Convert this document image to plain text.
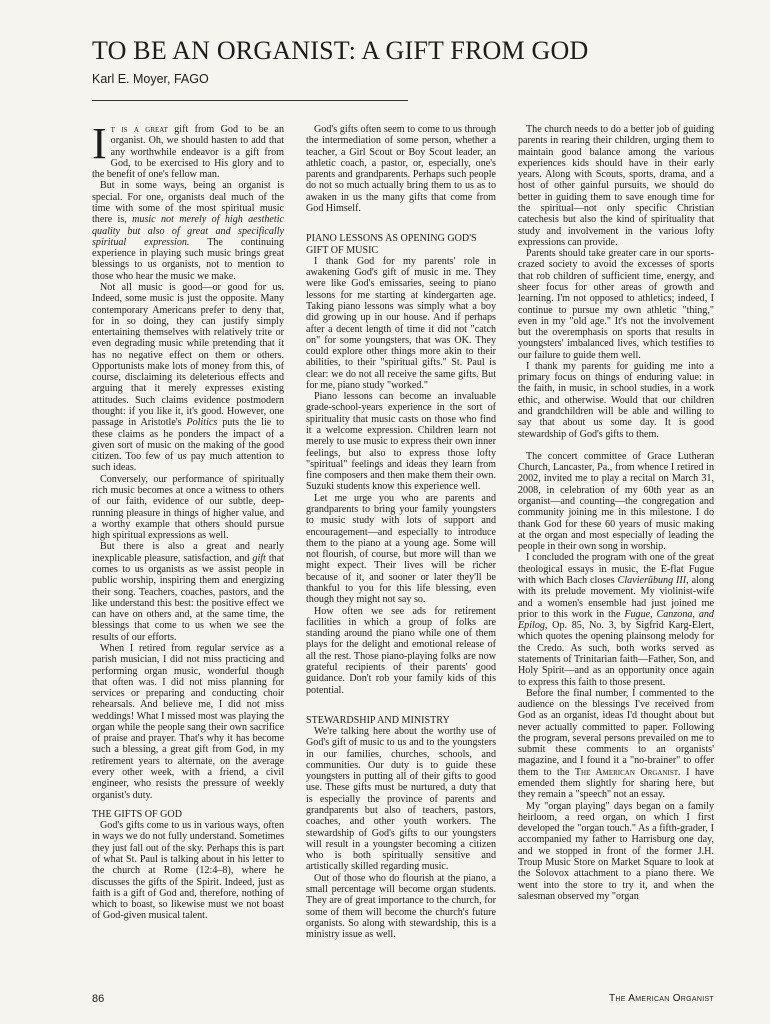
TO BE AN ORGANIST: A GIFT FROM GOD
Karl E. Moyer, FAGO

It is a great gift from God to be an organist. Oh, we should hasten to add that any worthwhile endeavor is a gift from God, to be exercised to His glory and to the benefit of one's fellow man.

But in some ways, being an organist is special. For one, organists deal much of the time with some of the most spiritual music there is, music not merely of high aesthetic quality but also of great and specifically spiritual expression. The continuing experience in playing such music brings great blessings to us organists, not to mention to those who hear the music we make.

Not all music is good—or good for us. Indeed, some music is just the opposite. Many contemporary Americans prefer to deny that, for in so doing, they can justify simply entertaining themselves with relatively trite or even degrading music while pretending that it has no negative effect on them or others. Opportunists make lots of money from this, of course, disclaiming its deleterious effects and arguing that it merely expresses existing attitudes. Such claims evidence postmodern thought: if you like it, it's good. However, one passage in Aristotle's Politics puts the lie to these claims as he ponders the impact of a given sort of music on the making of the good citizen. Too few of us pay much attention to such ideas.

Conversely, our performance of spiritually rich music becomes at once a witness to others of our faith, evidence of our subtle, deep-running pleasure in things of higher value, and a worthy example that others should pursue high spiritual expressions as well.

But there is also a great and nearly inexplicable pleasure, satisfaction, and gift that comes to us organists as we assist people in public worship, inspiring them and energizing their song. Teachers, coaches, pastors, and the like understand this best: the positive effect we can have on others and, at the same time, the blessings that come to us when we see the results of our efforts.

When I retired from regular service as a parish musician, I did not miss practicing and performing organ music, wonderful though that often was. I did not miss planning for services or preparing and conducting choir rehearsals. And believe me, I did not miss weddings! What I missed most was playing the organ while the people sang their own sacrifice of praise and prayer. That's why it has become such a blessing, a great gift from God, in my retirement years to alternate, on the average every other week, with a friend, a civil engineer, who resists the pressure of weekly organist's duty.

THE GIFTS OF GOD

God's gifts come to us in various ways, often in ways we do not fully understand. Sometimes they just fall out of the sky. Perhaps this is part of what St. Paul is talking about in his letter to the church at Rome (12:4–8), where he discusses the gifts of the Spirit. Indeed, just as faith is a gift of God and, therefore, nothing of which to boast, so likewise must we not boast of God-given musical talent.

God's gifts often seem to come to us through the intermediation of some person, whether a teacher, a Girl Scout or Boy Scout leader, an athletic coach, a pastor, or, especially, one's parents and grandparents. Perhaps such people do not so much actually bring them to us as to awaken in us the many gifts that come from God Himself.

PIANO LESSONS AS OPENING GOD'S GIFT OF MUSIC

I thank God for my parents' role in awakening God's gift of music in me. They were like God's emissaries, seeing to piano lessons for me starting at kindergarten age. Taking piano lessons was simply what a boy did growing up in our house. And if perhaps after a decent length of time it did not "catch on" for some youngsters, that was OK. They could explore other things more akin to their abilities, to their "spiritual gifts." St. Paul is clear: we do not all receive the same gifts. But for me, piano study "worked."

Piano lessons can become an invaluable grade-school-years experience in the sort of spirituality that music casts on those who find it a welcome expression. Children learn not merely to use music to express their own inner feelings, but also to express those lofty "spiritual" feelings and ideas they learn from fine composers and then make them their own. Suzuki students know this experience well.

Let me urge you who are parents and grandparents to bring your family youngsters to music study with lots of support and encouragement—and especially to introduce them to the piano at a young age. Some will not flourish, of course, but more will than we might expect. Their lives will be richer because of it, and sooner or later they'll be thankful to you for this life blessing, even though they might not say so.

How often we see ads for retirement facilities in which a group of folks are standing around the piano while one of them plays for the delight and emotional release of all the rest. Those piano-playing folks are now grateful recipients of their parents' good guidance. Don't rob your family kids of this potential.

STEWARDSHIP AND MINISTRY

We're talking here about the worthy use of God's gift of music to us and to the youngsters in our families, churches, schools, and communities. Our duty is to guide these youngsters in putting all of their gifts to good use. These gifts must be nurtured, a duty that is especially the province of parents and grandparents but also of teachers, pastors, coaches, and other youth workers. The stewardship of God's gifts to our youngsters will result in a youngster becoming a citizen who is both spiritually sensitive and artistically skilled regarding music.

Out of those who do flourish at the piano, a small percentage will become organ students. They are of great importance to the church, for some of them will become the church's future organists. So along with stewardship, this is a ministry issue as well.

The church needs to do a better job of guiding parents in rearing their children, urging them to maintain good balance among the various experiences kids should have in their early years. Along with Scouts, sports, drama, and a host of other gainful pursuits, we should do better in guiding them to save enough time for the spiritual—not only specific Christian catechesis but also the kind of spirituality that study and involvement in the various lofty expressions can provide.

Parents should take greater care in our sports-crazed society to avoid the excesses of sports that rob children of sufficient time, energy, and sheer focus for other areas of growth and learning. I'm not opposed to athletics; indeed, I continue to pursue my own athletic "thing," even in my "old age." It's not the involvement but the overemphasis on sports that results in youngsters' imbalanced lives, which testifies to our failure to guide them well.

I thank my parents for guiding me into a primary focus on things of enduring value: in the faith, in music, in school studies, in a work ethic, and otherwise. Would that our children and grandchildren will be able and willing to say that about us some day. It is good stewardship of God's gifts to them.

The concert committee of Grace Lutheran Church, Lancaster, Pa., from whence I retired in 2002, invited me to play a recital on March 31, 2008, in celebration of my 60th year as an organist—and counting—the congregation and community joining me in this milestone. I do thank God for these 60 years of music making at the organ and most especially of leading the people in their own song in worship.

I concluded the program with one of the great theological essays in music, the E-flat Fugue with which Bach closes Clavierübung III, along with its prelude movement. My violinist-wife and a women's ensemble had just joined me prior to this work in the Fugue, Canzona, and Epilog, Op. 85, No. 3, by Sigfrid Karg-Elert, which quotes the opening plainsong melody for the Credo. As such, both works served as statements of Trinitarian faith—Father, Son, and Holy Spirit—and as an opportunity once again to express this faith to those present.

Before the final number, I commented to the audience on the blessings I've received from God as an organist, ideas I'd thought about but never actually committed to paper. Following the program, several persons prevailed on me to submit these comments to an organists' magazine, and I found it a "no-brainer" to offer them to the The American Organist. I have emended them slightly for sharing here, but they remain a "speech" not an essay.

My "organ playing" days began on a family heirloom, a reed organ, on which I first developed the "organ touch." As a fifth-grader, I accompanied my father to Harrisburg one day, and we stopped in front of the former J.H. Troup Music Store on Market Square to look at the Solovox attachment to a piano there. We went into the store to try it, and when the salesman observed my "organ

86	The American Organist
